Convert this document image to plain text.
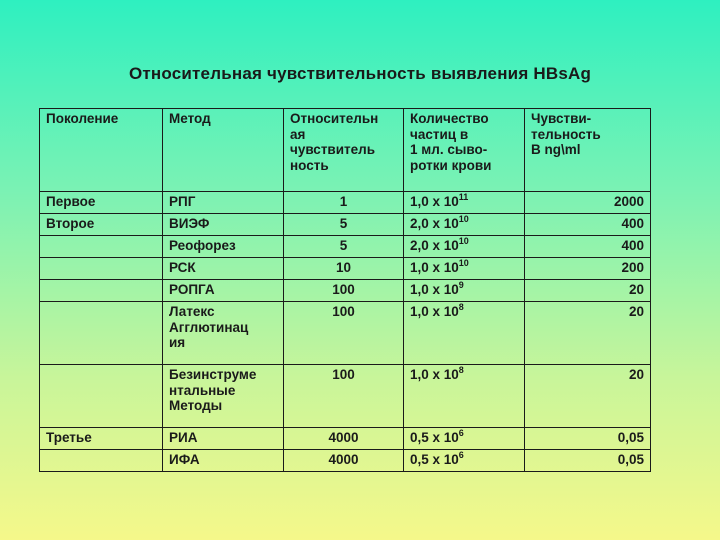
Относительная чувствительность выявления HBsAg
Поколение	Метод	Относительн
ая
чувствитель
ность	Количество
частиц в
1 мл. сыво-
ротки крови	Чувстви-
тельность
В ng\ml
Первое	РПГ	1	1,0 х $10^{11}$	2000
Второе	ВИЭФ	5	2,0 х $10^{10}$	400
	Реофорез	5	2,0 х $10^{10}$	400
	РСК	10	1,0 х $10^{10}$	200
	РОПГА	100	1,0 х $10^9$	20
	Латекс
Агглютинац
ия	100	1,0 х $10^8$	20
	Безинструме
нтальные
Методы	100	1,0 х $10^8$	20
Третье	РИА	4000	0,5 х $10^6$	0,05
	ИФА	4000	0,5 х $10^6$	0,05
